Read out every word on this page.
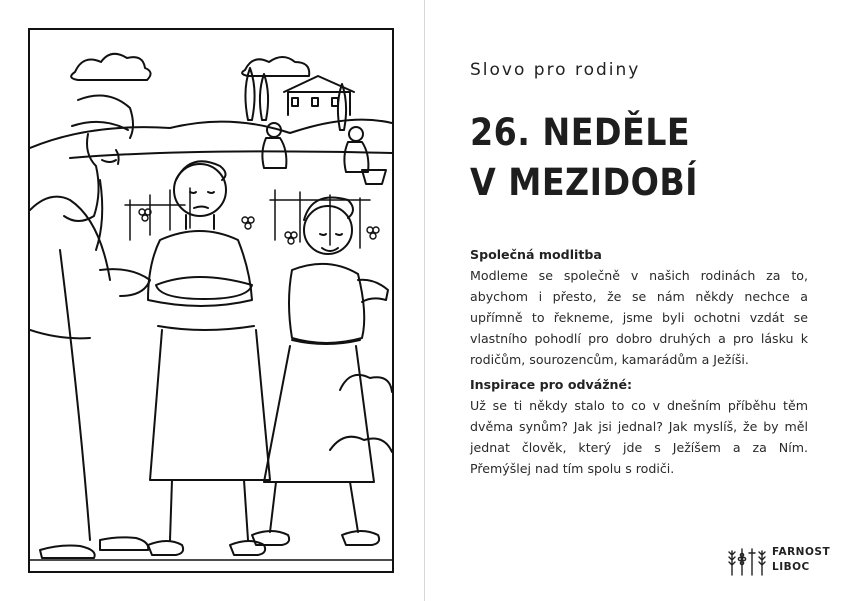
Slovo pro rodiny
26. NEDĚLE
V MEZIDOBÍ
Společná modlitba
Modleme se společně v našich rodinách za to, abychom i přesto, že se nám někdy nechce a upřímně to řekneme, jsme byli ochotni vzdát se vlastního pohodlí pro dobro druhých a pro lásku k rodičům, sourozencům, kamarádům a Ježíši.
Inspirace pro odvážné:
Už se ti někdy stalo to co v dnešním příběhu těm dvěma synům? Jak jsi jednal? Jak myslíš, že by měl jednat člověk, který jde s Ježíšem a za Ním. Přemýšlej nad tím spolu s rodiči.
FARNOST
LIBOC
